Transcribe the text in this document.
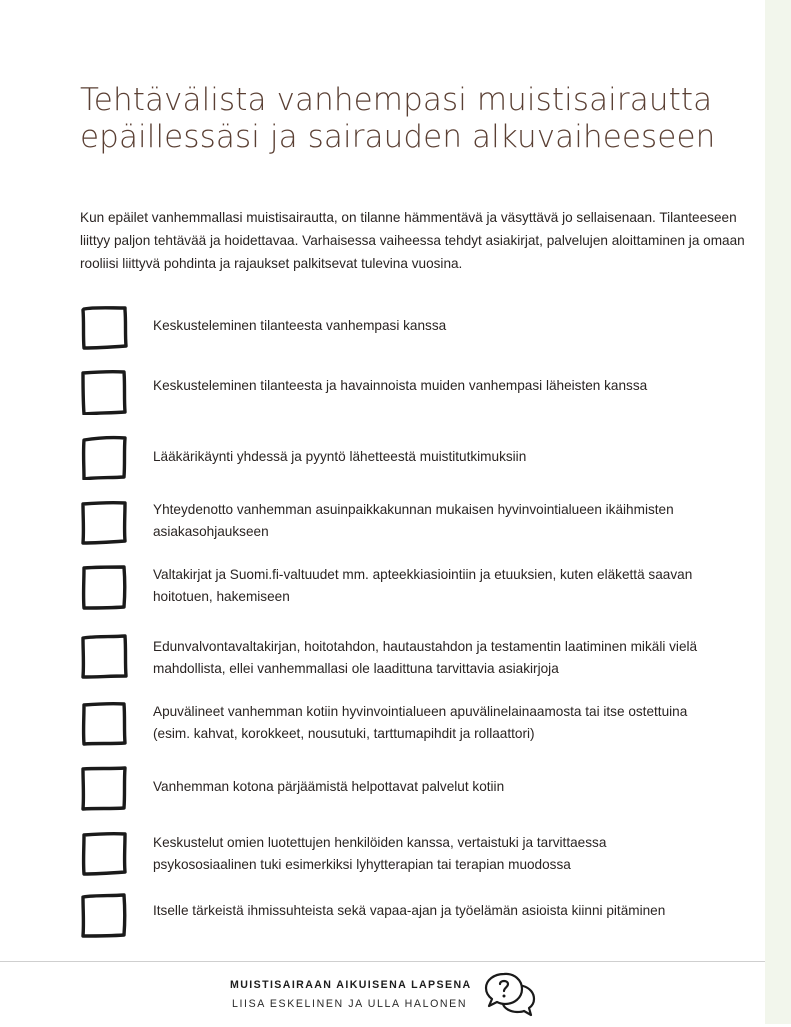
Tehtävälista vanhempasi muistisairautta epäillessäsi ja sairauden alkuvaiheeseen

Kun epäilet vanhemmallasi muistisairautta, on tilanne hämmentävä ja väsyttävä jo sellaisenaan. Tilanteeseen liittyy paljon tehtävää ja hoidettavaa. Varhaisessa vaiheessa tehdyt asiakirjat, palvelujen aloittaminen ja omaan rooliisi liittyvä pohdinta ja rajaukset palkitsevat tulevina vuosina.

Keskusteleminen tilanteesta vanhempasi kanssa
Keskusteleminen tilanteesta ja havainnoista muiden vanhempasi läheisten kanssa
Lääkärikäynti yhdessä ja pyyntö lähetteestä muistitutkimuksiin
Yhteydenotto vanhemman asuinpaikkakunnan mukaisen hyvinvointialueen ikäihmisten asiakasohjaukseen
Valtakirjat ja Suomi.fi-valtuudet mm. apteekkiasiointiin ja etuuksien, kuten eläkettä saavan hoitotuen, hakemiseen
Edunvalvontavaltakirjan, hoitotahdon, hautaustahdon ja testamentin laatiminen mikäli vielä mahdollista, ellei vanhemmallasi ole laadittuna tarvittavia asiakirjoja
Apuvälineet vanhemman kotiin hyvinvointialueen apuvälinelainaamosta tai itse ostettuina (esim. kahvat, korokkeet, nousutuki, tarttumapihdit ja rollaattori)
Vanhemman kotona pärjäämistä helpottavat palvelut kotiin
Keskustelut omien luotettujen henkilöiden kanssa, vertaistuki ja tarvittaessa psykososiaalinen tuki esimerkiksi lyhytterapian tai terapian muodossa
Itselle tärkeistä ihmissuhteista sekä vapaa-ajan ja työelämän asioista kiinni pitäminen
MUISTISAIRAAN AIKUISENA LAPSENA
LIISA ESKELINEN JA ULLA HALONEN
